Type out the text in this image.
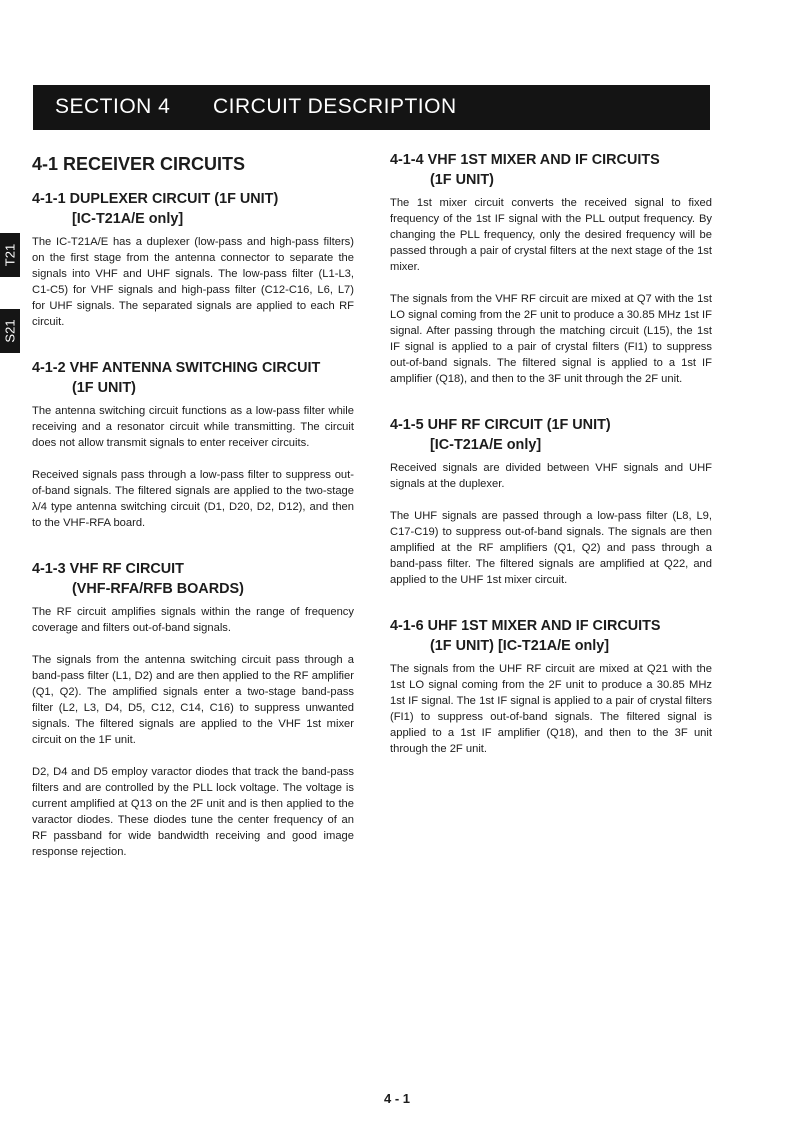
SECTION 4 CIRCUIT DESCRIPTION
T21
S21
4-1 RECEIVER CIRCUITS
4-1-1 DUPLEXER CIRCUIT (1F UNIT)
[IC-T21A/E only]

The IC-T21A/E has a duplexer (low-pass and high-pass filters) on the first stage from the antenna connector to separate the signals into VHF and UHF signals. The low-pass filter (L1-L3, C1-C5) for VHF signals and high-pass filter (C12-C16, L6, L7) for UHF signals. The separated signals are applied to each RF circuit.

4-1-2 VHF ANTENNA SWITCHING CIRCUIT
(1F UNIT)

The antenna switching circuit functions as a low-pass filter while receiving and a resonator circuit while transmitting. The circuit does not allow transmit signals to enter receiver circuits.

Received signals pass through a low-pass filter to suppress out-of-band signals. The filtered signals are applied to the two-stage λ/4 type antenna switching circuit (D1, D20, D2, D12), and then to the VHF-RFA board.

4-1-3 VHF RF CIRCUIT
(VHF-RFA/RFB BOARDS)

The RF circuit amplifies signals within the range of frequency coverage and filters out-of-band signals.

The signals from the antenna switching circuit pass through a band-pass filter (L1, D2) and are then applied to the RF amplifier (Q1, Q2). The amplified signals enter a two-stage band-pass filter (L2, L3, D4, D5, C12, C14, C16) to suppress unwanted signals. The filtered signals are applied to the VHF 1st mixer circuit on the 1F unit.

D2, D4 and D5 employ varactor diodes that track the band-pass filters and are controlled by the PLL lock voltage. The voltage is current amplified at Q13 on the 2F unit and is then applied to the varactor diodes. These diodes tune the center frequency of an RF passband for wide bandwidth receiving and good image response rejection.

4-1-4 VHF 1ST MIXER AND IF CIRCUITS
(1F UNIT)

The 1st mixer circuit converts the received signal to fixed frequency of the 1st IF signal with the PLL output frequency. By changing the PLL frequency, only the desired frequency will be passed through a pair of crystal filters at the next stage of the 1st mixer.

The signals from the VHF RF circuit are mixed at Q7 with the 1st LO signal coming from the 2F unit to produce a 30.85 MHz 1st IF signal. After passing through the matching circuit (L15), the 1st IF signal is applied to a pair of crystal filters (FI1) to suppress out-of-band signals. The filtered signal is applied to a 1st IF amplifier (Q18), and then to the 3F unit through the 2F unit.

4-1-5 UHF RF CIRCUIT (1F UNIT)
[IC-T21A/E only]

Received signals are divided between VHF signals and UHF signals at the duplexer.

The UHF signals are passed through a low-pass filter (L8, L9, C17-C19) to suppress out-of-band signals. The signals are then amplified at the RF amplifiers (Q1, Q2) and pass through a band-pass filter. The filtered signals are amplified at Q22, and applied to the UHF 1st mixer circuit.

4-1-6 UHF 1ST MIXER AND IF CIRCUITS
(1F UNIT) [IC-T21A/E only]

The signals from the UHF RF circuit are mixed at Q21 with the 1st LO signal coming from the 2F unit to produce a 30.85 MHz 1st IF signal. The 1st IF signal is applied to a pair of crystal filters (FI1) to suppress out-of-band signals. The filtered signal is applied to a 1st IF amplifier (Q18), and then to the 3F unit through the 2F unit.

4 - 1
